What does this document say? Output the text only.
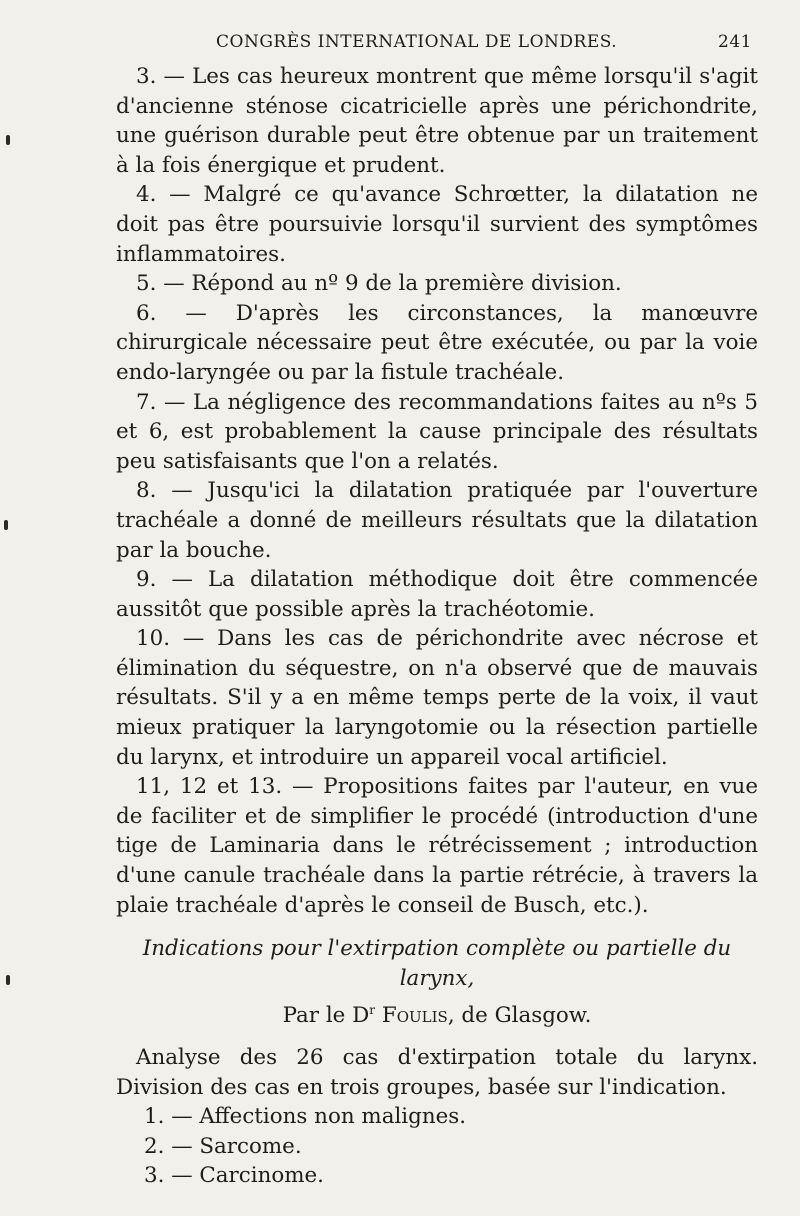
CONGRÈS INTERNATIONAL DE LONDRES.	241

3. — Les cas heureux montrent que même lorsqu'il s'agit d'ancienne sténose cicatricielle après une périchondrite, une guérison durable peut être obtenue par un traitement à la fois énergique et prudent.

4. — Malgré ce qu'avance Schrœtter, la dilatation ne doit pas être poursuivie lorsqu'il survient des symptômes inflammatoires.

5. — Répond au nº 9 de la première division.

6. — D'après les circonstances, la manœuvre chirurgicale nécessaire peut être exécutée, ou par la voie endo-laryngée ou par la fistule trachéale.

7. — La négligence des recommandations faites au nºs 5 et 6, est probablement la cause principale des résultats peu satisfaisants que l'on a relatés.

8. — Jusqu'ici la dilatation pratiquée par l'ouverture trachéale a donné de meilleurs résultats que la dilatation par la bouche.

9. — La dilatation méthodique doit être commencée aussitôt que possible après la trachéotomie.

10. — Dans les cas de périchondrite avec nécrose et élimination du séquestre, on n'a observé que de mauvais résultats. S'il y a en même temps perte de la voix, il vaut mieux pratiquer la laryngotomie ou la résection partielle du larynx, et introduire un appareil vocal artificiel.

11, 12 et 13. — Propositions faites par l'auteur, en vue de faciliter et de simplifier le procédé (introduction d'une tige de Laminaria dans le rétrécissement ; introduction d'une canule trachéale dans la partie rétrécie, à travers la plaie trachéale d'après le conseil de Busch, etc.).

Indications pour l'extirpation complète ou partielle du larynx,

Par le $D^r$ Foulis, de Glasgow.

Analyse des 26 cas d'extirpation totale du larynx. Division des cas en trois groupes, basée sur l'indication.

1. — Affections non malignes.
2. — Sarcome.
3. — Carcinome.
